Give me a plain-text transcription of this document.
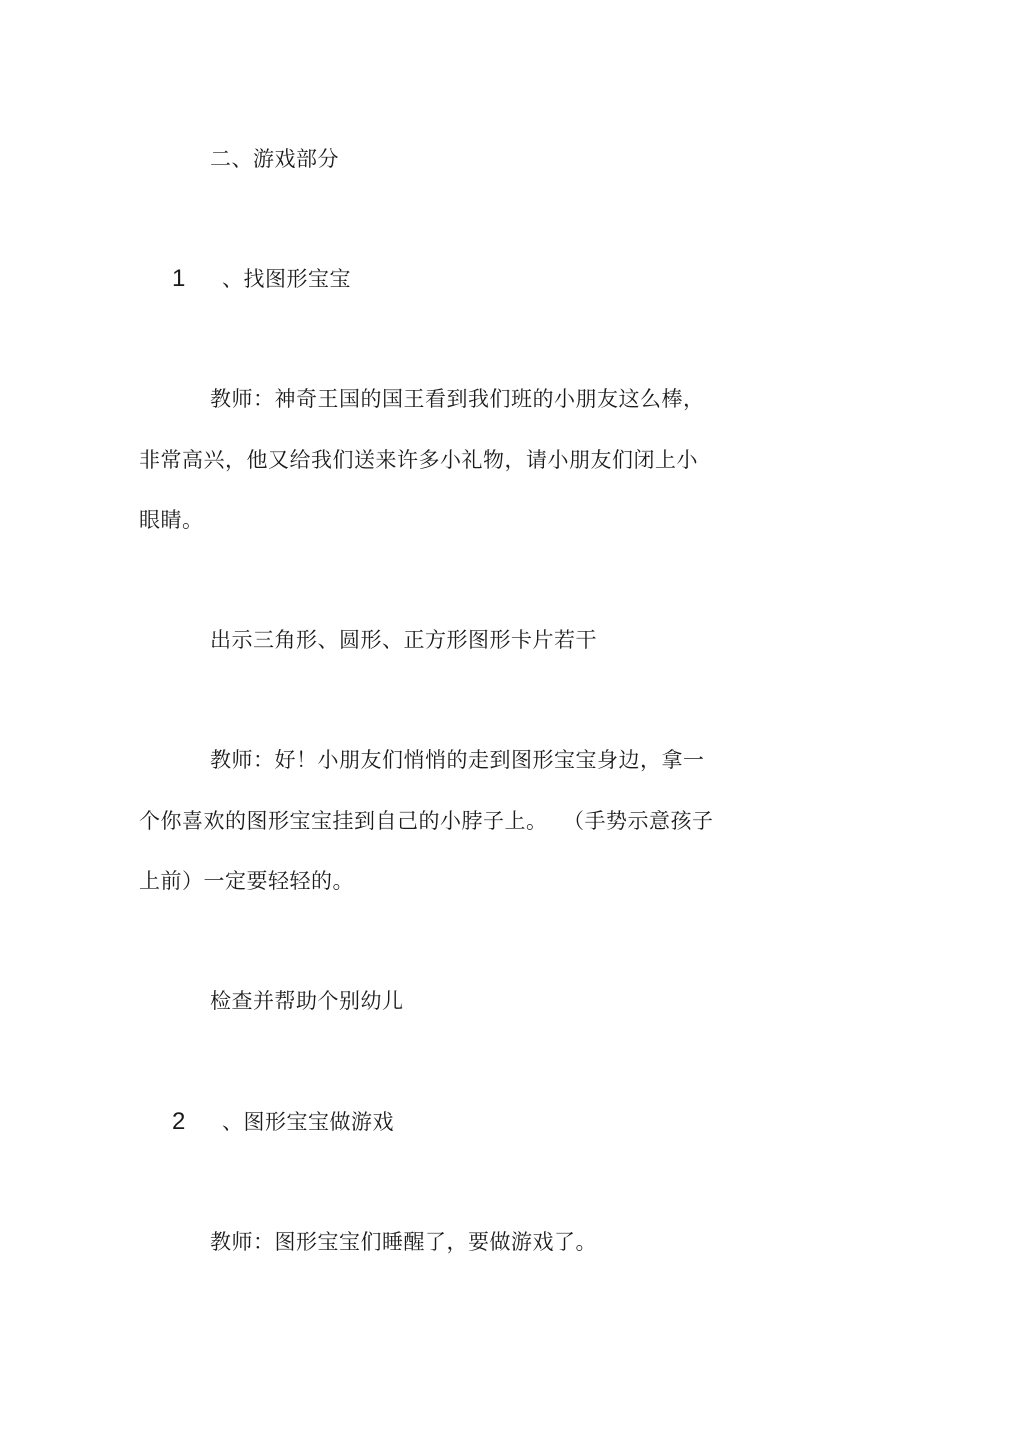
二、游戏部分
1 、找图形宝宝
教师：神奇王国的国王看到我们班的小朋友这么棒，
非常高兴，他又给我们送来许多小礼物，请小朋友们闭上小
眼睛。
出示三角形、圆形、正方形图形卡片若干
教师：好！小朋友们悄悄的走到图形宝宝身边，拿一
个你喜欢的图形宝宝挂到自己的小脖子上。 （手势示意孩子
上前）一定要轻轻的。
检查并帮助个别幼儿
2 、图形宝宝做游戏
教师：图形宝宝们睡醒了，要做游戏了。
